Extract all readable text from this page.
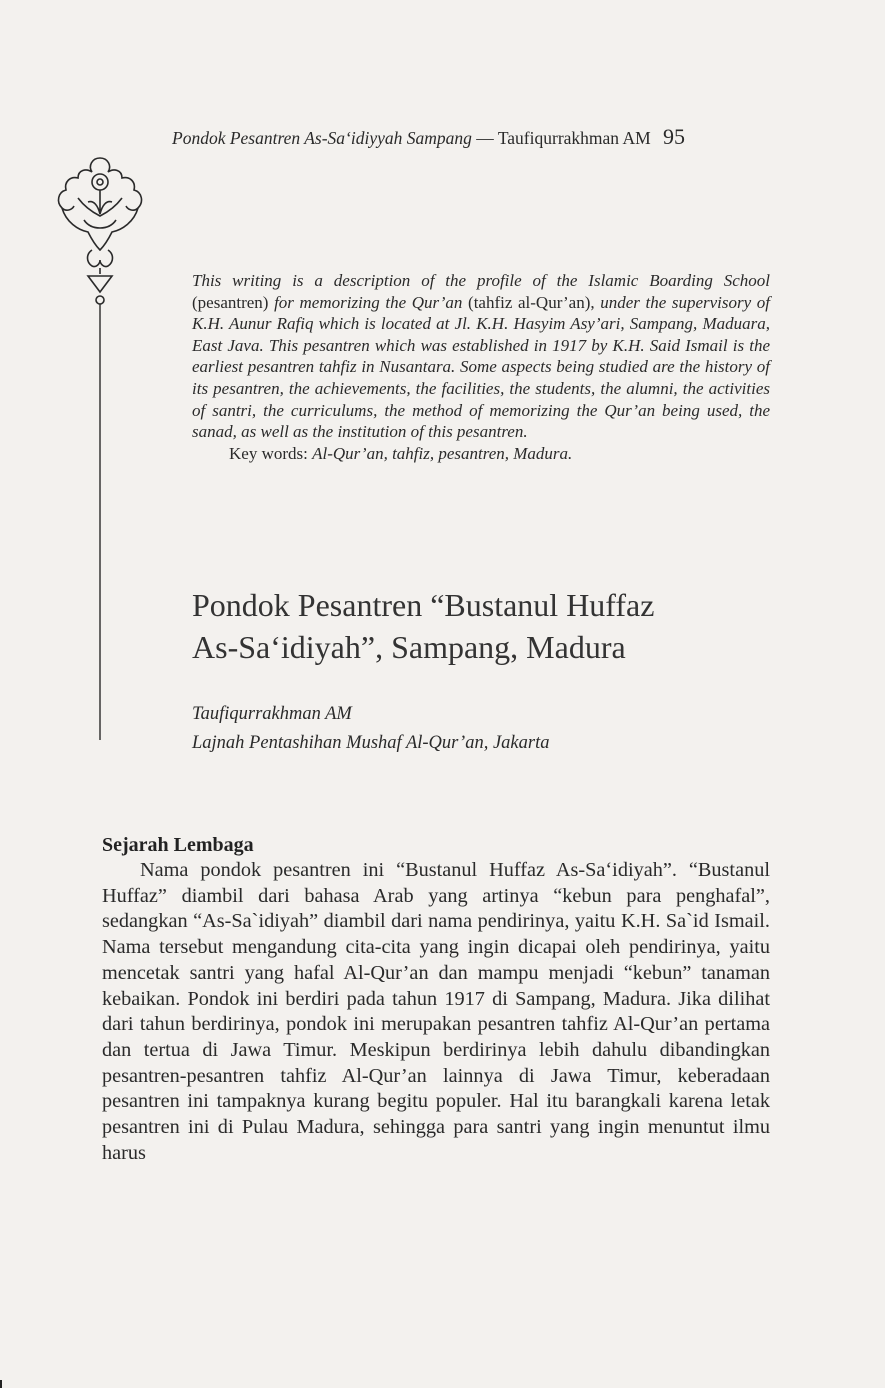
Pondok Pesantren As-Sa‘idiyyah Sampang — Taufiqurrakhman AM 95
This writing is a description of the profile of the Islamic Boarding School (pesantren) for memorizing the Qur’an (tahfiz al-Qur’an), under the supervisory of K.H. Aunur Rafiq which is located at Jl. K.H. Hasyim Asy’ari, Sampang, Maduara, East Java. This pesantren which was established in 1917 by K.H. Said Ismail is the earliest pesantren tahfiz in Nusantara. Some aspects being studied are the history of its pesantren, the achievements, the facilities, the students, the alumni, the activities of santri, the curriculums, the method of memorizing the Qur’an being used, the sanad, as well as the institution of this pesantren.
Key words: Al-Qur’an, tahfiz, pesantren, Madura.
Pondok Pesantren “Bustanul Huffaz
As-Sa‘idiyah”, Sampang, Madura
Taufiqurrakhman AM
Lajnah Pentashihan Mushaf Al-Qur’an, Jakarta
Sejarah Lembaga

Nama pondok pesantren ini “Bustanul Huffaz As-Sa‘idiyah”. “Bustanul Huffaz” diambil dari bahasa Arab yang artinya “kebun para penghafal”, sedangkan “As-Sa`idiyah” diambil dari nama pendirinya, yaitu K.H. Sa`id Ismail. Nama tersebut mengandung cita-cita yang ingin dicapai oleh pendirinya, yaitu mencetak santri yang hafal Al-Qur’an dan mampu menjadi “kebun” tanaman kebaikan. Pondok ini berdiri pada tahun 1917 di Sampang, Madura. Jika dilihat dari tahun berdirinya, pondok ini merupakan pesantren tahfiz Al-Qur’an pertama dan tertua di Jawa Timur. Meskipun berdirinya lebih dahulu dibandingkan pesantren-pesantren tahfiz Al-Qur’an lainnya di Jawa Timur, keberadaan pesantren ini tampaknya kurang begitu populer. Hal itu barangkali karena letak pesantren ini di Pulau Madura, sehingga para santri yang ingin menuntut ilmu harus
